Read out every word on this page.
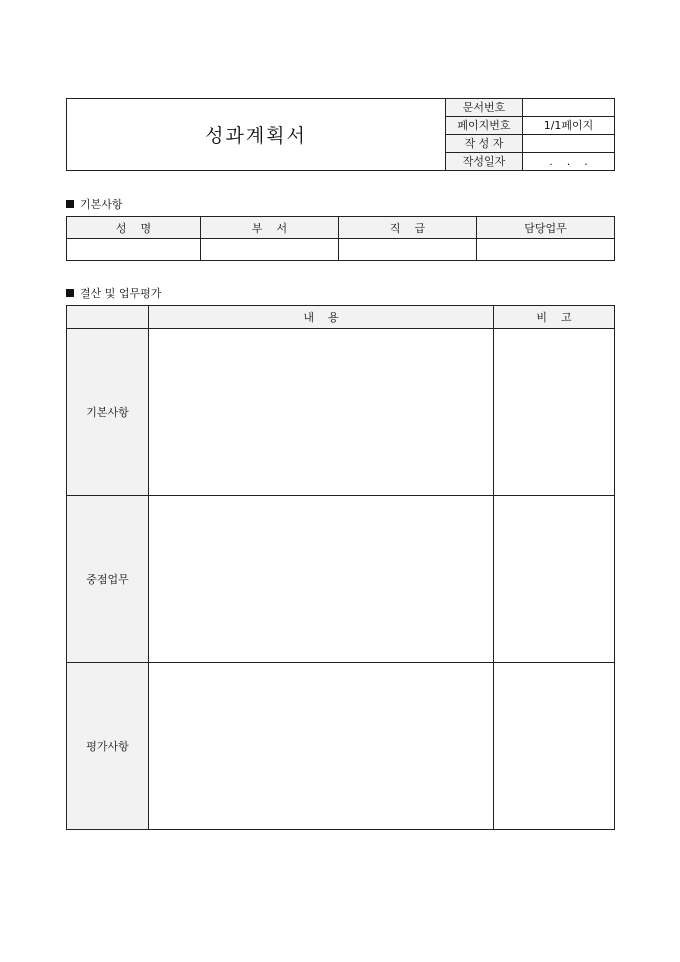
성과계획서	문서번호	
	페이지번호	1/1페이지
	작 성 자	
	작성일자	.    .    .
기본사항
성    명	부    서	직    급	담당업무

결산 및 업무평가
	내    용	비    고
기본사항		
중점업무		
평가사항		
